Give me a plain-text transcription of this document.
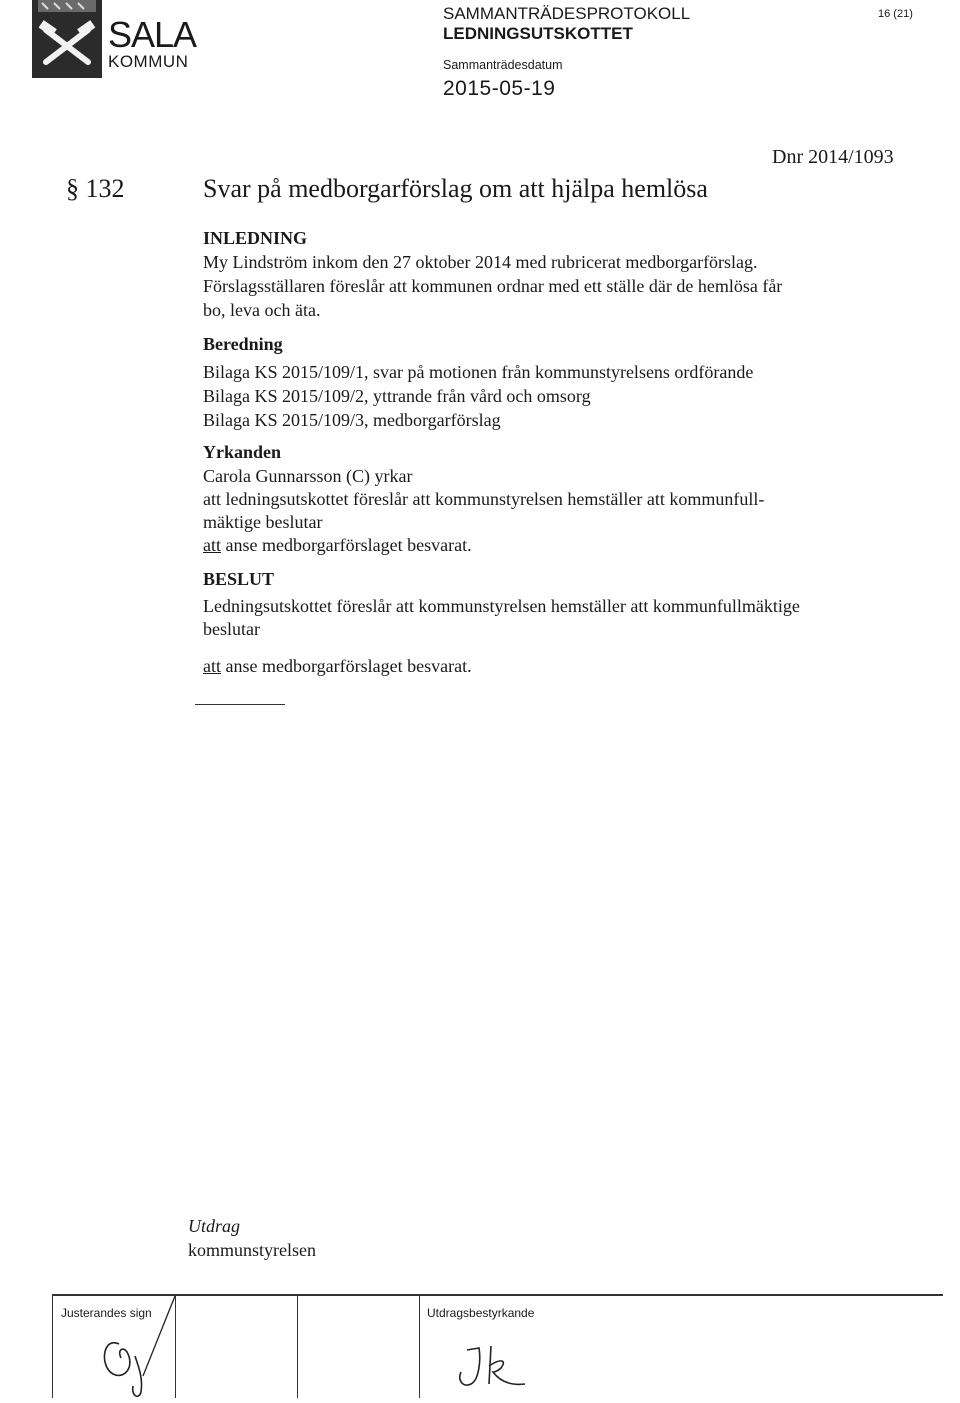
SALA
KOMMUN
SAMMANTRÄDESPROTOKOLL
LEDNINGSUTSKOTTET
Sammanträdesdatum
2015-05-19
16 (21)
Dnr 2014/1093
§ 132	Svar på medborgarförslag om att hjälpa hemlösa
INLEDNING
My Lindström inkom den 27 oktober 2014 med rubricerat medborgarförslag.
Förslagsställaren föreslår att kommunen ordnar med ett ställe där de hemlösa får
bo, leva och äta.
Beredning
Bilaga KS 2015/109/1, svar på motionen från kommunstyrelsens ordförande
Bilaga KS 2015/109/2, yttrande från vård och omsorg
Bilaga KS 2015/109/3, medborgarförslag
Yrkanden
Carola Gunnarsson (C) yrkar
att ledningsutskottet föreslår att kommunstyrelsen hemställer att kommunfull-
mäktige beslutar
att anse medborgarförslaget besvarat.
BESLUT
Ledningsutskottet föreslår att kommunstyrelsen hemställer att kommunfullmäktige
beslutar
att anse medborgarförslaget besvarat.
Utdrag
kommunstyrelsen
Justerandes sign	Utdragsbestyrkande
